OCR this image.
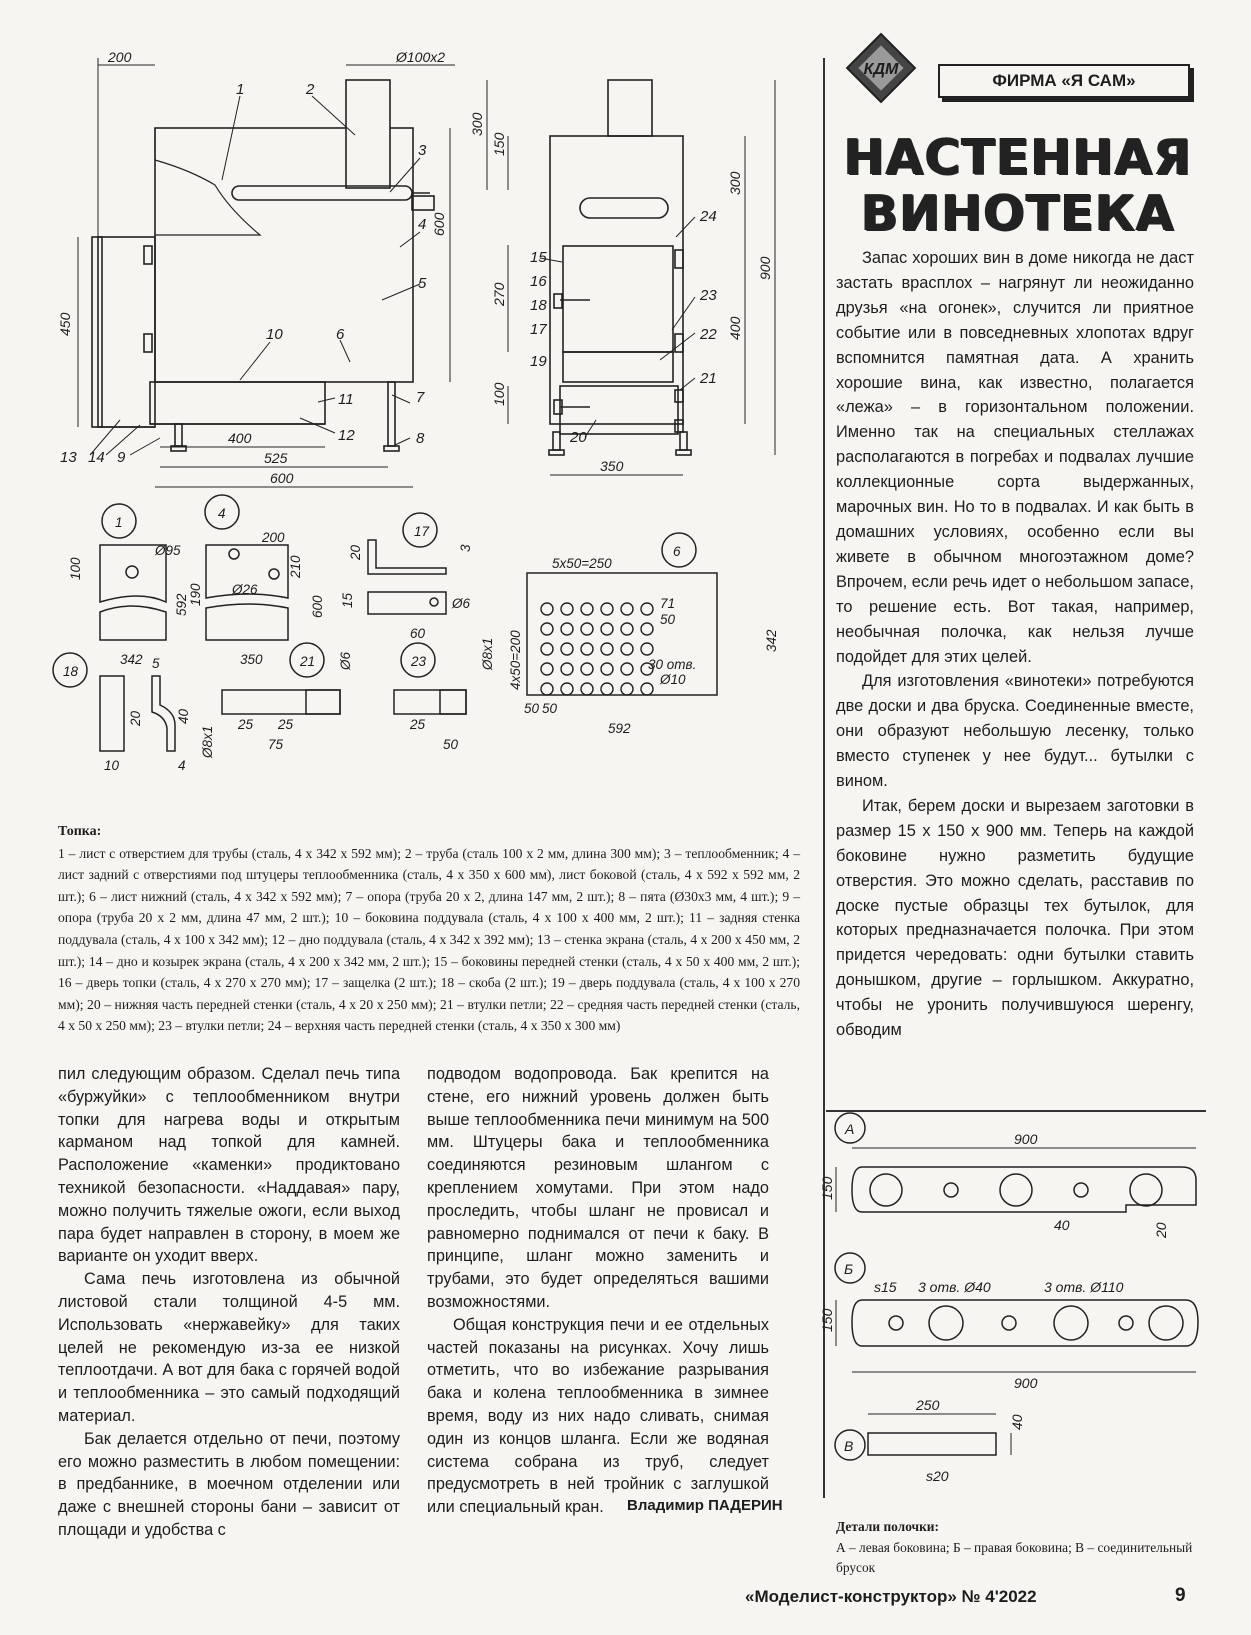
200	Ø100x2
600
450
400
525
600
300
150
270
100
300
400
900
350
1	2
3
4
5
6
10
11
12
7
8
13 14 9
15
16
18
17
19
20
24
23
22
21
1
Ø95
100
592
342
4
200
210
600
190 Ø26
350
17
20	3
15	Ø6
60
6
5x50=250
71
50
4x50=200	30 отв.
Ø10
342
50 50
592
18
5
40
20
10	4
21 Ø6
25 25
75
Ø8x1
23	Ø8x1
25
50
КДМ
ФИРМА «Я САМ»
НАСТЕННАЯ
ВИНОТЕКА
Топка:
1 – лист с отверстием для трубы (сталь, 4 х 342 х 592 мм); 2 – труба (сталь 100 х 2 мм, длина 300 мм); 3 – теплообменник; 4 – лист задний с отверстиями под штуцеры теплообменника (сталь, 4 х 350 х 600 мм), лист боковой (сталь, 4 х 592 х 592 мм, 2 шт.); 6 – лист нижний (сталь, 4 х 342 х 592 мм); 7 – опора (труба 20 х 2, длина 147 мм, 2 шт.); 8 – пята (Ø30х3 мм, 4 шт.); 9 – опора (труба 20 х 2 мм, длина 47 мм, 2 шт.); 10 – боковина поддувала (сталь, 4 х 100 х 400 мм, 2 шт.); 11 – задняя стенка поддувала (сталь, 4 х 100 х 342 мм); 12 – дно поддувала (сталь, 4 х 342 х 392 мм); 13 – стенка экрана (сталь, 4 х 200 х 450 мм, 2 шт.); 14 – дно и козырек экрана (сталь, 4 х 200 х 342 мм, 2 шт.); 15 – боковины передней стенки (сталь, 4 х 50 х 400 мм, 2 шт.); 16 – дверь топки (сталь, 4 х 270 х 270 мм); 17 – защелка (2 шт.); 18 – скоба (2 шт.); 19 – дверь поддувала (сталь, 4 х 100 х 270 мм); 20 – нижняя часть передней стенки (сталь, 4 х 20 х 250 мм); 21 – втулки петли; 22 – средняя часть передней стенки (сталь, 4 х 50 х 250 мм); 23 – втулки петли; 24 – верхняя часть передней стенки (сталь, 4 х 350 х 300 мм)

пил следующим образом. Сделал печь типа «буржуйки» с теплообменником внутри топки для нагрева воды и открытым карманом над топкой для камней. Расположение «каменки» продиктовано техникой безопасности. «Наддавая» пару, можно получить тяжелые ожоги, если выход пара будет направлен в сторону, в моем же варианте он уходит вверх.

Сама печь изготовлена из обычной листовой стали толщиной 4-5 мм. Использовать «нержавейку» для таких целей не рекомендую из-за ее низкой теплоотдачи. А вот для бака с горячей водой и теплообменника – это самый подходящий материал.

Бак делается отдельно от печи, поэтому его можно разместить в любом помещении: в предбаннике, в моечном отделении или даже с внешней стороны бани – зависит от площади и удобства с

подводом водопровода. Бак крепится на стене, его нижний уровень должен быть выше теплообменника печи минимум на 500 мм. Штуцеры бака и теплообменника соединяются резиновым шлангом с креплением хомутами. При этом надо проследить, чтобы шланг не провисал и равномерно поднимался от печи к баку. В принципе, шланг можно заменить и трубами, это будет определяться вашими возможностями.

Общая конструкция печи и ее отдельных частей показаны на рисунках. Хочу лишь отметить, что во избежание разрывания бака и колена теплообменника в зимнее время, воду из них надо сливать, снимая один из концов шланга. Если же водяная система собрана из труб, следует предусмотреть в ней тройник с заглушкой или специальный кран.	Владимир ПАДЕРИН

Запас хороших вин в доме никогда не даст застать врасплох – нагрянут ли неожиданно друзья «на огонек», случится ли приятное событие или в повседневных хлопотах вдруг вспомнится памятная дата. А хранить хорошие вина, как известно, полагается «лежа» – в горизонтальном положении. Именно так на специальных стеллажах располагаются в погребах и подвалах лучшие коллекционные сорта выдержанных, марочных вин. Но то в подвалах. И как быть в домашних условиях, особенно если вы живете в обычном многоэтажном доме? Впрочем, если речь идет о небольшом запасе, то решение есть. Вот такая, например, необычная полочка, как нельзя лучше подойдет для этих целей.

Для изготовления «винотеки» потребуются две доски и два бруска. Соединенные вместе, они образуют небольшую лесенку, только вместо ступенек у нее будут... бутылки с вином.

Итак, берем доски и вырезаем заготовки в размер 15 х 150 х 900 мм. Теперь на каждой боковине нужно разметить будущие отверстия. Это можно сделать, расставив по доске пустые образцы тех бутылок, для которых предназначается полочка. При этом придется чередовать: одни бутылки ставить донышком, другие – горлышком. Аккуратно, чтобы не уронить получившуюся шеренгу, обводим

А
900
150
40	20
Б
s15 3 отв. Ø40	3 отв. Ø110
150
900
В
250
40
s20
Детали полочки:
А – левая боковина; Б – правая боковина; В – соединительный брусок
«Моделист-конструктор» № 4'2022	9
